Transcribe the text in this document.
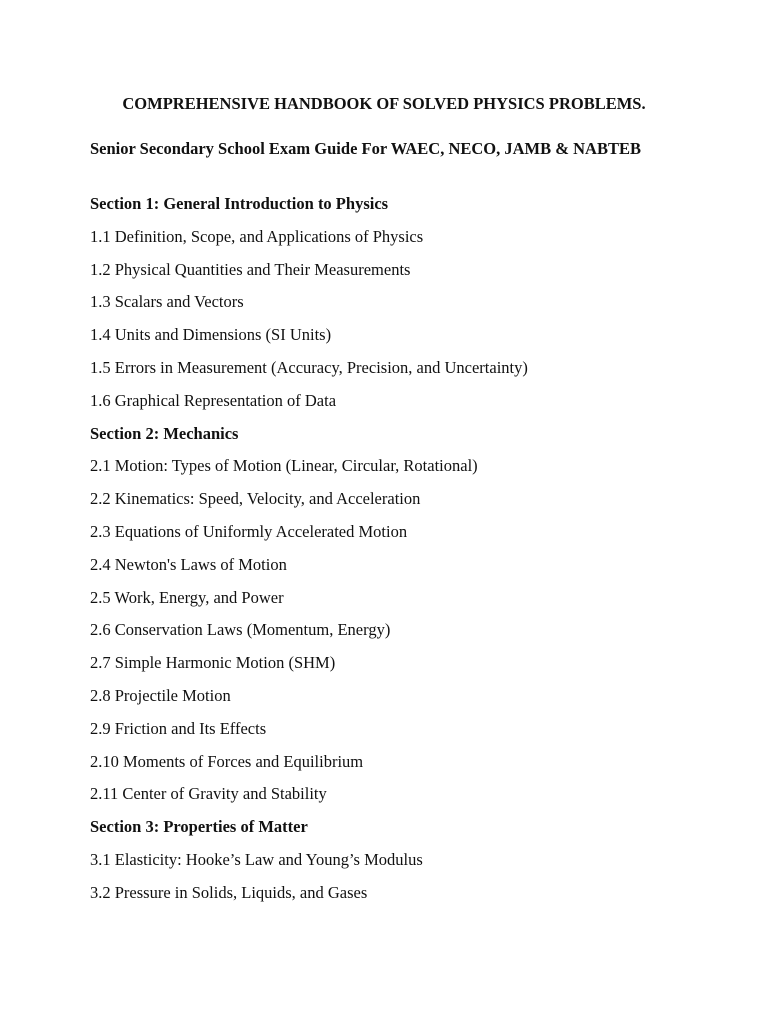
COMPREHENSIVE HANDBOOK OF SOLVED PHYSICS PROBLEMS.
Senior Secondary School Exam Guide For WAEC, NECO, JAMB & NABTEB
Section 1: General Introduction to Physics
1.1 Definition, Scope, and Applications of Physics
1.2 Physical Quantities and Their Measurements
1.3 Scalars and Vectors
1.4 Units and Dimensions (SI Units)
1.5 Errors in Measurement (Accuracy, Precision, and Uncertainty)
1.6 Graphical Representation of Data
Section 2: Mechanics
2.1 Motion: Types of Motion (Linear, Circular, Rotational)
2.2 Kinematics: Speed, Velocity, and Acceleration
2.3 Equations of Uniformly Accelerated Motion
2.4 Newton's Laws of Motion
2.5 Work, Energy, and Power
2.6 Conservation Laws (Momentum, Energy)
2.7 Simple Harmonic Motion (SHM)
2.8 Projectile Motion
2.9 Friction and Its Effects
2.10 Moments of Forces and Equilibrium
2.11 Center of Gravity and Stability
Section 3: Properties of Matter
3.1 Elasticity: Hooke’s Law and Young’s Modulus
3.2 Pressure in Solids, Liquids, and Gases
